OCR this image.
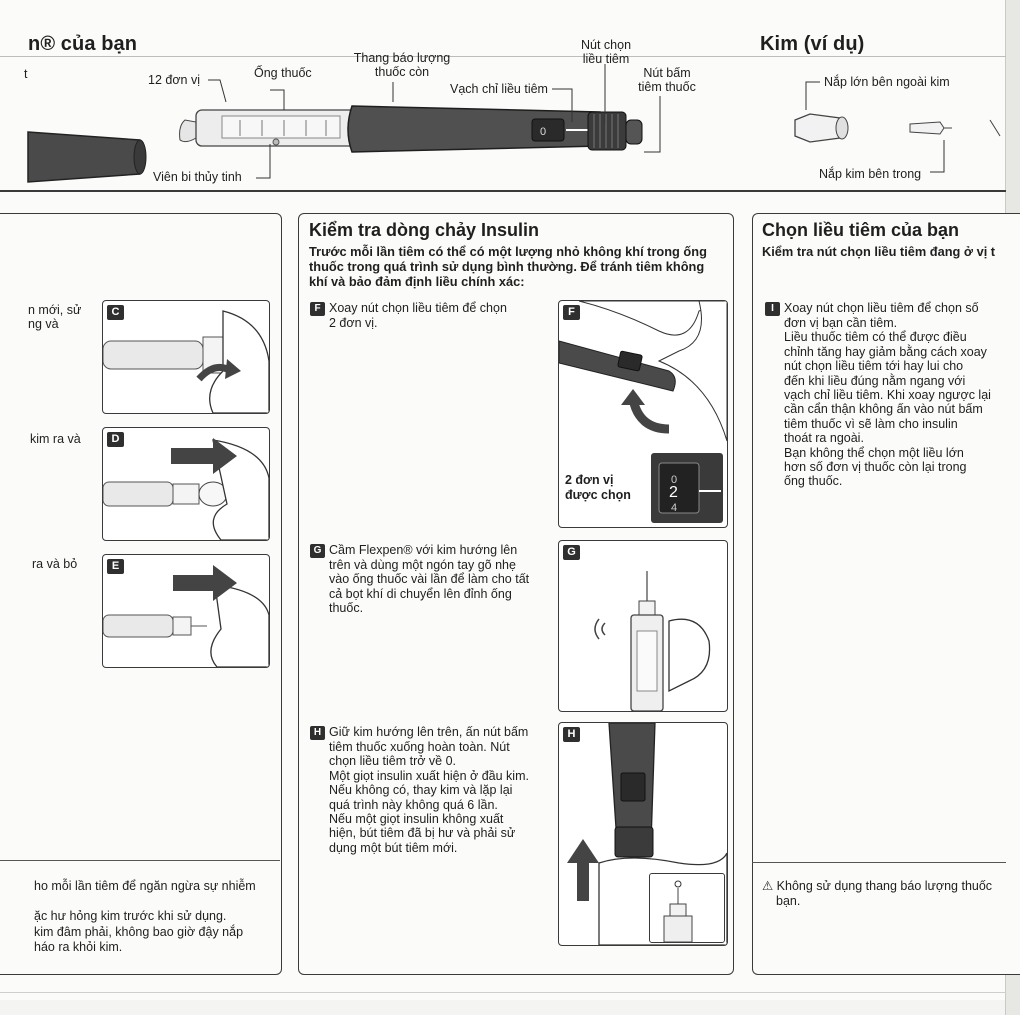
n® của bạn	Kim (ví dụ)
0
t	12 đơn vị	Ống thuốc
Thang báo lượng
thuốc còn
Vạch chỉ liều tiêm
Nút chọn
liều tiêm
Nút bấm
tiêm thuốc
Viên bi thủy tinh
Nắp lớn bên ngoài kim
Nắp kim bên trong
n mới, sử
ng và
kim ra và
ra và bỏ
C
D
E
ho mỗi lần tiêm để ngăn ngừa sự nhiễm
ặc hư hỏng kim trước khi sử dụng.
kim đâm phải, không bao giờ đậy nắp
háo ra khỏi kim.
Kiểm tra dòng chảy Insulin
Trước mỗi lần tiêm có thể có một lượng nhỏ không khí trong ống thuốc trong quá trình sử dụng bình thường. Để tránh tiêm không khí và bảo đảm định liều chính xác:
F Xoay nút chọn liều tiêm để chọn
2 đơn vị.
F
0
2
4
2 đơn vị
được chọn
G Cầm Flexpen® với kim hướng lên
trên và dùng một ngón tay gõ nhẹ
vào ống thuốc vài lần để làm cho tất
cả bọt khí di chuyển lên đỉnh ống
thuốc.
G
H Giữ kim hướng lên trên, ấn nút bấm
tiêm thuốc xuống hoàn toàn. Nút
chọn liều tiêm trở về 0.
Một giọt insulin xuất hiện ở đầu kim.
Nếu không có, thay kim và lặp lại
quá trình này không quá 6 lần.
Nếu một giọt insulin không xuất
hiện, bút tiêm đã bị hư và phải sử
dụng một bút tiêm mới.
H
Chọn liều tiêm của bạn
Kiểm tra nút chọn liều tiêm đang ở vị t
I Xoay nút chọn liều tiêm để chọn số
đơn vị bạn cần tiêm.
Liều thuốc tiêm có thể được điều
chỉnh tăng hay giảm bằng cách xoay
nút chọn liều tiêm tới hay lui cho
đến khi liều đúng nằm ngang với
vạch chỉ liều tiêm. Khi xoay ngược lại
cần cẩn thận không ấn vào nút bấm
tiêm thuốc vì sẽ làm cho insulin
thoát ra ngoài.
Bạn không thể chọn một liều lớn
hơn số đơn vị thuốc còn lại trong
ống thuốc.
⚠ Không sử dụng thang báo lượng thuốc
bạn.
